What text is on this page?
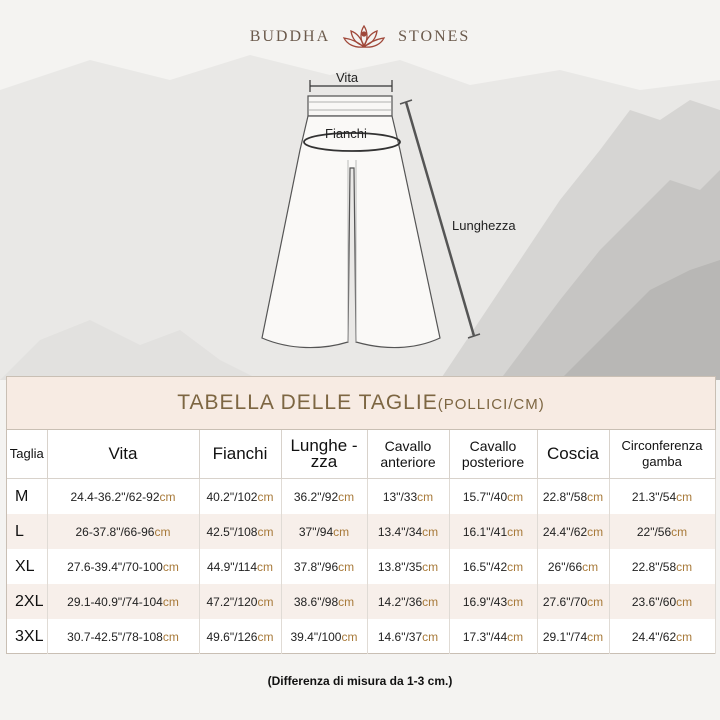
BUDDHA	STONES
Vita
Fianchi
Lunghezza
TABELLA DELLE TAGLIE(POLLICI/CM)
Taglia	Vita	Fianchi	Lunghe -zza	Cavallo anteriore	Cavallo posteriore	Coscia	Circonferenza gamba
M	24.4-36.2"/62-92cm	40.2"/102cm	36.2"/92cm	13"/33cm	15.7"/40cm	22.8"/58cm	21.3"/54cm
L	26-37.8"/66-96cm	42.5"/108cm	37"/94cm	13.4"/34cm	16.1"/41cm	24.4"/62cm	22"/56cm
XL	27.6-39.4"/70-100cm	44.9"/114cm	37.8"/96cm	13.8"/35cm	16.5"/42cm	26"/66cm	22.8"/58cm
2XL	29.1-40.9"/74-104cm	47.2"/120cm	38.6"/98cm	14.2"/36cm	16.9"/43cm	27.6"/70cm	23.6"/60cm
3XL	30.7-42.5"/78-108cm	49.6"/126cm	39.4"/100cm	14.6"/37cm	17.3"/44cm	29.1"/74cm	24.4"/62cm
(Differenza di misura da 1-3 cm.)
